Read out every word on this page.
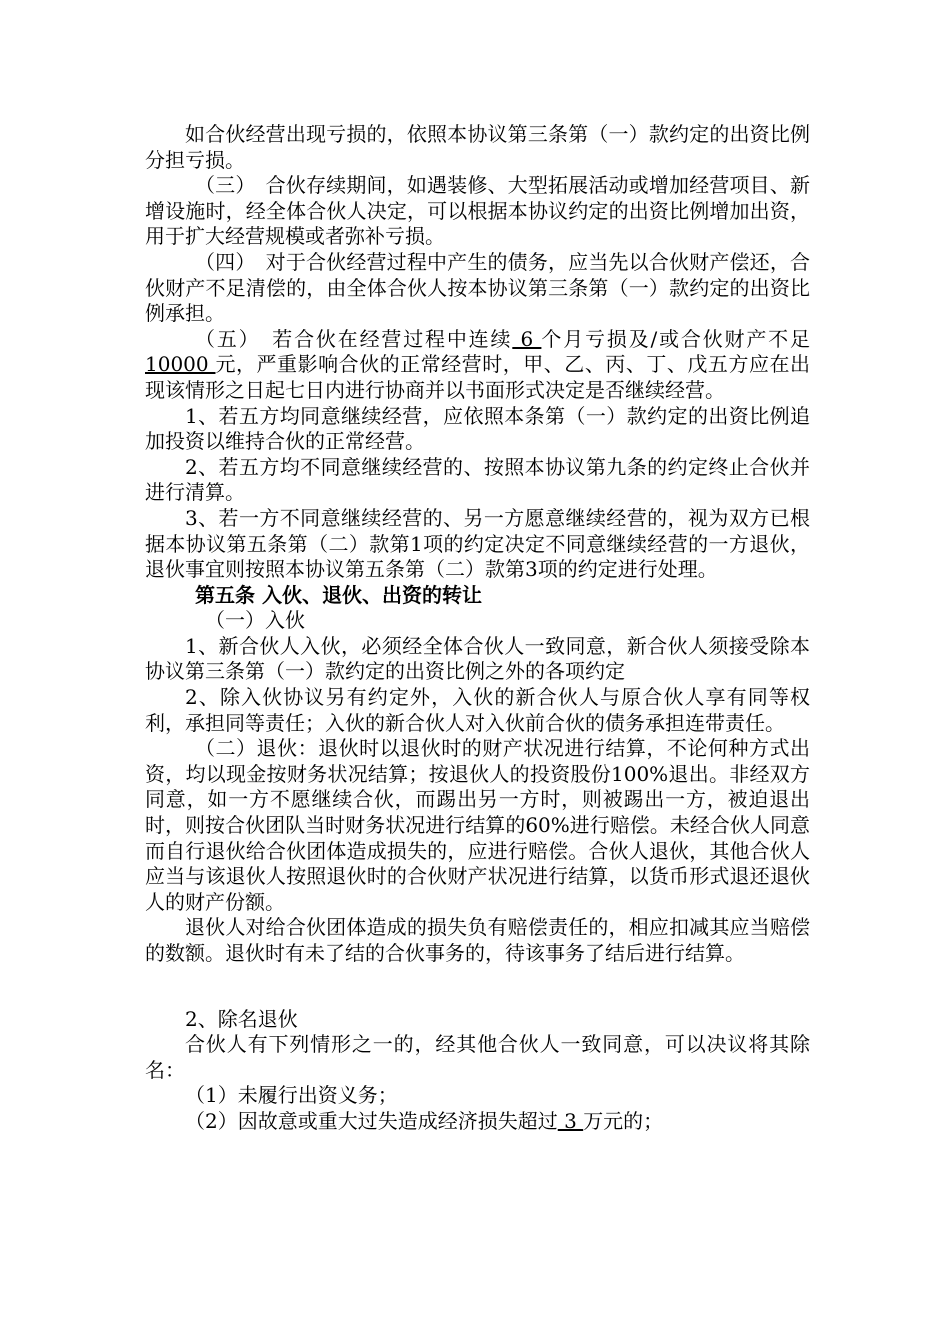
如合伙经营出现亏损的，依照本协议第三条第（一）款约定的出资比例分担亏损。

（三）　合伙存续期间，如遇装修、大型拓展活动或增加经营项目、新增设施时，经全体合伙人决定，可以根据本协议约定的出资比例增加出资，用于扩大经营规模或者弥补亏损。

（四）　对于合伙经营过程中产生的债务，应当先以合伙财产偿还，合伙财产不足清偿的，由全体合伙人按本协议第三条第（一）款约定的出资比例承担。

（五）　若合伙在经营过程中连续 6 个月亏损及/或合伙财产不足 10000 元，严重影响合伙的正常经营时，甲、乙、丙、丁、戊五方应在出现该情形之日起七日内进行协商并以书面形式决定是否继续经营。

1、若五方均同意继续经营，应依照本条第（一）款约定的出资比例追加投资以维持合伙的正常经营。

2、若五方均不同意继续经营的、按照本协议第九条的约定终止合伙并进行清算。

3、若一方不同意继续经营的、另一方愿意继续经营的，视为双方已根据本协议第五条第（二）款第1项的约定决定不同意继续经营的一方退伙，退伙事宜则按照本协议第五条第（二）款第3项的约定进行处理。

第五条 入伙、退伙、出资的转让

（一）入伙

1、新合伙人入伙，必须经全体合伙人一致同意，新合伙人须接受除本协议第三条第（一）款约定的出资比例之外的各项约定

2、除入伙协议另有约定外，入伙的新合伙人与原合伙人享有同等权利，承担同等责任；入伙的新合伙人对入伙前合伙的债务承担连带责任。

（二）退伙：退伙时以退伙时的财产状况进行结算，不论何种方式出资，均以现金按财务状况结算；按退伙人的投资股份100%退出。非经双方同意，如一方不愿继续合伙，而踢出另一方时，则被踢出一方，被迫退出时，则按合伙团队当时财务状况进行结算的60%进行赔偿。未经合伙人同意而自行退伙给合伙团体造成损失的，应进行赔偿。合伙人退伙，其他合伙人应当与该退伙人按照退伙时的合伙财产状况进行结算，以货币形式退还退伙人的财产份额。

退伙人对给合伙团体造成的损失负有赔偿责任的，相应扣减其应当赔偿的数额。退伙时有未了结的合伙事务的，待该事务了结后进行结算。

2、除名退伙

合伙人有下列情形之一的，经其他合伙人一致同意，可以决议将其除名：

（1）未履行出资义务；

（2）因故意或重大过失造成经济损失超过 3 万元的；
